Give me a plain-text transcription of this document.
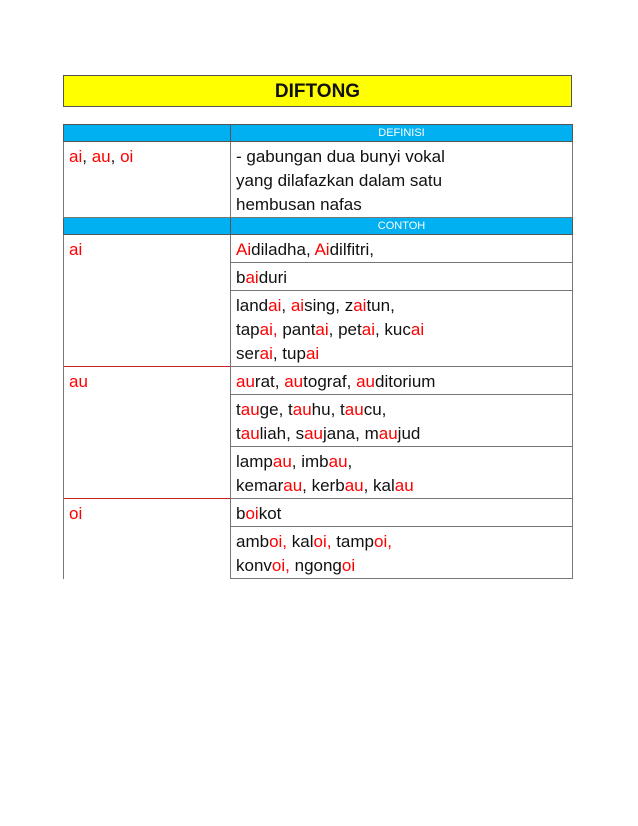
DIFTONG
	DEFINISI
ai, au, oi	- gabungan dua bunyi vokal
yang dilafazkan dalam satu
hembusan nafas

	CONTOH
ai	Aidiladha, Aidilfitri,

	baiduri

	landai, aising, zaitun,
tapai, pantai, petai, kucai
serai, tupai

au	aurat, autograf, auditorium

	tauge, tauhu, taucu,
tauliah, saujana, maujud

	lampau, imbau,
kemarau, kerbau, kalau

oi	boikot

	amboi, kaloi, tampoi,
konvoi, ngongoi
